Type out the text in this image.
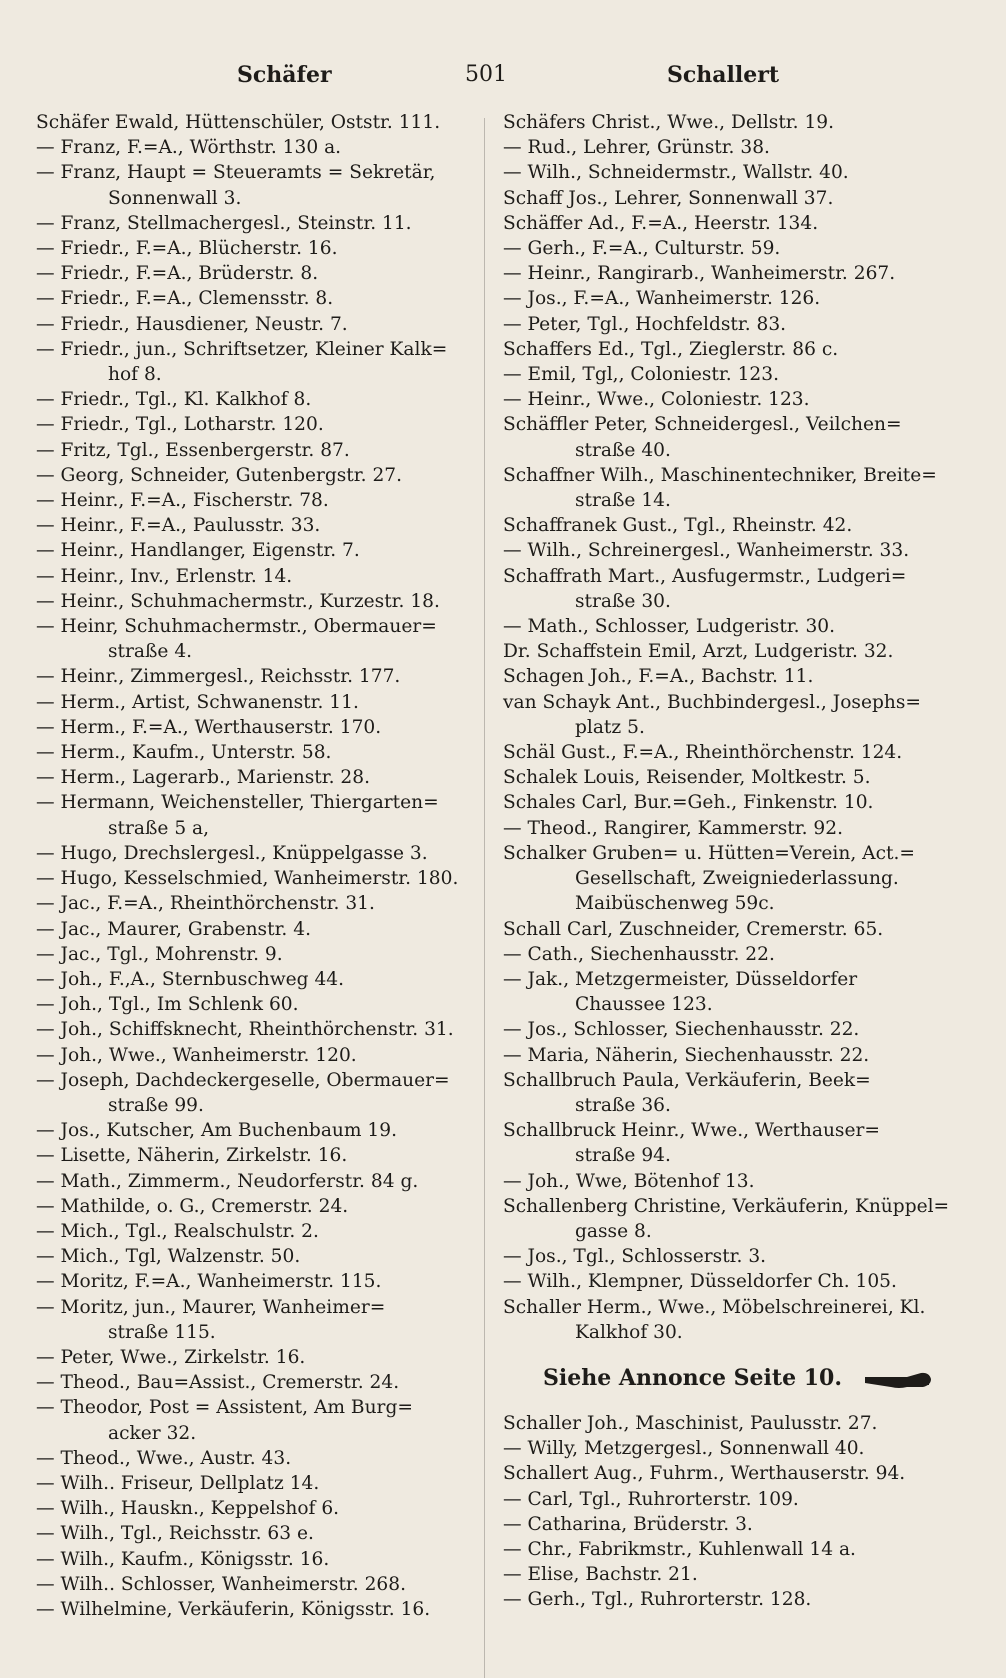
Schäfer	501	Schallert
Schäfer Ewald, Hüttenschüler, Oststr. 111.
— Franz, F.=A., Wörthstr. 130 a.
— Franz, Haupt = Steueramts = Sekretär,
Sonnenwall 3.
— Franz, Stellmachergesl., Steinstr. 11.
— Friedr., F.=A., Blücherstr. 16.
— Friedr., F.=A., Brüderstr. 8.
— Friedr., F.=A., Clemensstr. 8.
— Friedr., Hausdiener, Neustr. 7.
— Friedr., jun., Schriftsetzer, Kleiner Kalk=
hof 8.
— Friedr., Tgl., Kl. Kalkhof 8.
— Friedr., Tgl., Lotharstr. 120.
— Fritz, Tgl., Essenbergerstr. 87.
— Georg, Schneider, Gutenbergstr. 27.
— Heinr., F.=A., Fischerstr. 78.
— Heinr., F.=A., Paulusstr. 33.
— Heinr., Handlanger, Eigenstr. 7.
— Heinr., Inv., Erlenstr. 14.
— Heinr., Schuhmachermstr., Kurzestr. 18.
— Heinr, Schuhmachermstr., Obermauer=
straße 4.
— Heinr., Zimmergesl., Reichsstr. 177.
— Herm., Artist, Schwanenstr. 11.
— Herm., F.=A., Werthauserstr. 170.
— Herm., Kaufm., Unterstr. 58.
— Herm., Lagerarb., Marienstr. 28.
— Hermann, Weichensteller, Thiergarten=
straße 5 a,
— Hugo, Drechslergesl., Knüppelgasse 3.
— Hugo, Kesselschmied, Wanheimerstr. 180.
— Jac., F.=A., Rheinthörchenstr. 31.
— Jac., Maurer, Grabenstr. 4.
— Jac., Tgl., Mohrenstr. 9.
— Joh., F.,A., Sternbuschweg 44.
— Joh., Tgl., Im Schlenk 60.
— Joh., Schiffsknecht, Rheinthörchenstr. 31.
— Joh., Wwe., Wanheimerstr. 120.
— Joseph, Dachdeckergeselle, Obermauer=
straße 99.
— Jos., Kutscher, Am Buchenbaum 19.
— Lisette, Näherin, Zirkelstr. 16.
— Math., Zimmerm., Neudorferstr. 84 g.
— Mathilde, o. G., Cremerstr. 24.
— Mich., Tgl., Realschulstr. 2.
— Mich., Tgl, Walzenstr. 50.
— Moritz, F.=A., Wanheimerstr. 115.
— Moritz, jun., Maurer, Wanheimer=
straße 115.
— Peter, Wwe., Zirkelstr. 16.
— Theod., Bau=Assist., Cremerstr. 24.
— Theodor, Post = Assistent, Am Burg=
acker 32.
— Theod., Wwe., Austr. 43.
— Wilh.. Friseur, Dellplatz 14.
— Wilh., Hauskn., Keppelshof 6.
— Wilh., Tgl., Reichsstr. 63 e.
— Wilh., Kaufm., Königsstr. 16.
— Wilh.. Schlosser, Wanheimerstr. 268.
— Wilhelmine, Verkäuferin, Königsstr. 16.
Schäfers Christ., Wwe., Dellstr. 19.
— Rud., Lehrer, Grünstr. 38.
— Wilh., Schneidermstr., Wallstr. 40.
Schaff Jos., Lehrer, Sonnenwall 37.
Schäffer Ad., F.=A., Heerstr. 134.
— Gerh., F.=A., Culturstr. 59.
— Heinr., Rangirarb., Wanheimerstr. 267.
— Jos., F.=A., Wanheimerstr. 126.
— Peter, Tgl., Hochfeldstr. 83.
Schaffers Ed., Tgl., Zieglerstr. 86 c.
— Emil, Tgl,, Coloniestr. 123.
— Heinr., Wwe., Coloniestr. 123.
Schäffler Peter, Schneidergesl., Veilchen=
straße 40.
Schaffner Wilh., Maschinentechniker, Breite=
straße 14.
Schaffranek Gust., Tgl., Rheinstr. 42.
— Wilh., Schreinergesl., Wanheimerstr. 33.
Schaffrath Mart., Ausfugermstr., Ludgeri=
straße 30.
— Math., Schlosser, Ludgeristr. 30.
Dr. Schaffstein Emil, Arzt, Ludgeristr. 32.
Schagen Joh., F.=A., Bachstr. 11.
van Schayk Ant., Buchbindergesl., Josephs=
platz 5.
Schäl Gust., F.=A., Rheinthörchenstr. 124.
Schalek Louis, Reisender, Moltkestr. 5.
Schales Carl, Bur.=Geh., Finkenstr. 10.
— Theod., Rangirer, Kammerstr. 92.
Schalker Gruben= u. Hütten=Verein, Act.=
Gesellschaft, Zweigniederlassung.
Maibüschenweg 59c.
Schall Carl, Zuschneider, Cremerstr. 65.
— Cath., Siechenhausstr. 22.
— Jak., Metzgermeister, Düsseldorfer
Chaussee 123.
— Jos., Schlosser, Siechenhausstr. 22.
— Maria, Näherin, Siechenhausstr. 22.
Schallbruch Paula, Verkäuferin, Beek=
straße 36.
Schallbruck Heinr., Wwe., Werthauser=
straße 94.
— Joh., Wwe, Bötenhof 13.
Schallenberg Christine, Verkäuferin, Knüppel=
gasse 8.
— Jos., Tgl., Schlosserstr. 3.
— Wilh., Klempner, Düsseldorfer Ch. 105.
Schaller Herm., Wwe., Möbelschreinerei, Kl.
Kalkhof 30.
Siehe Annonce Seite 10.
Schaller Joh., Maschinist, Paulusstr. 27.
— Willy, Metzgergesl., Sonnenwall 40.
Schallert Aug., Fuhrm., Werthauserstr. 94.
— Carl, Tgl., Ruhrorterstr. 109.
— Catharina, Brüderstr. 3.
— Chr., Fabrikmstr., Kuhlenwall 14 a.
— Elise, Bachstr. 21.
— Gerh., Tgl., Ruhrorterstr. 128.
